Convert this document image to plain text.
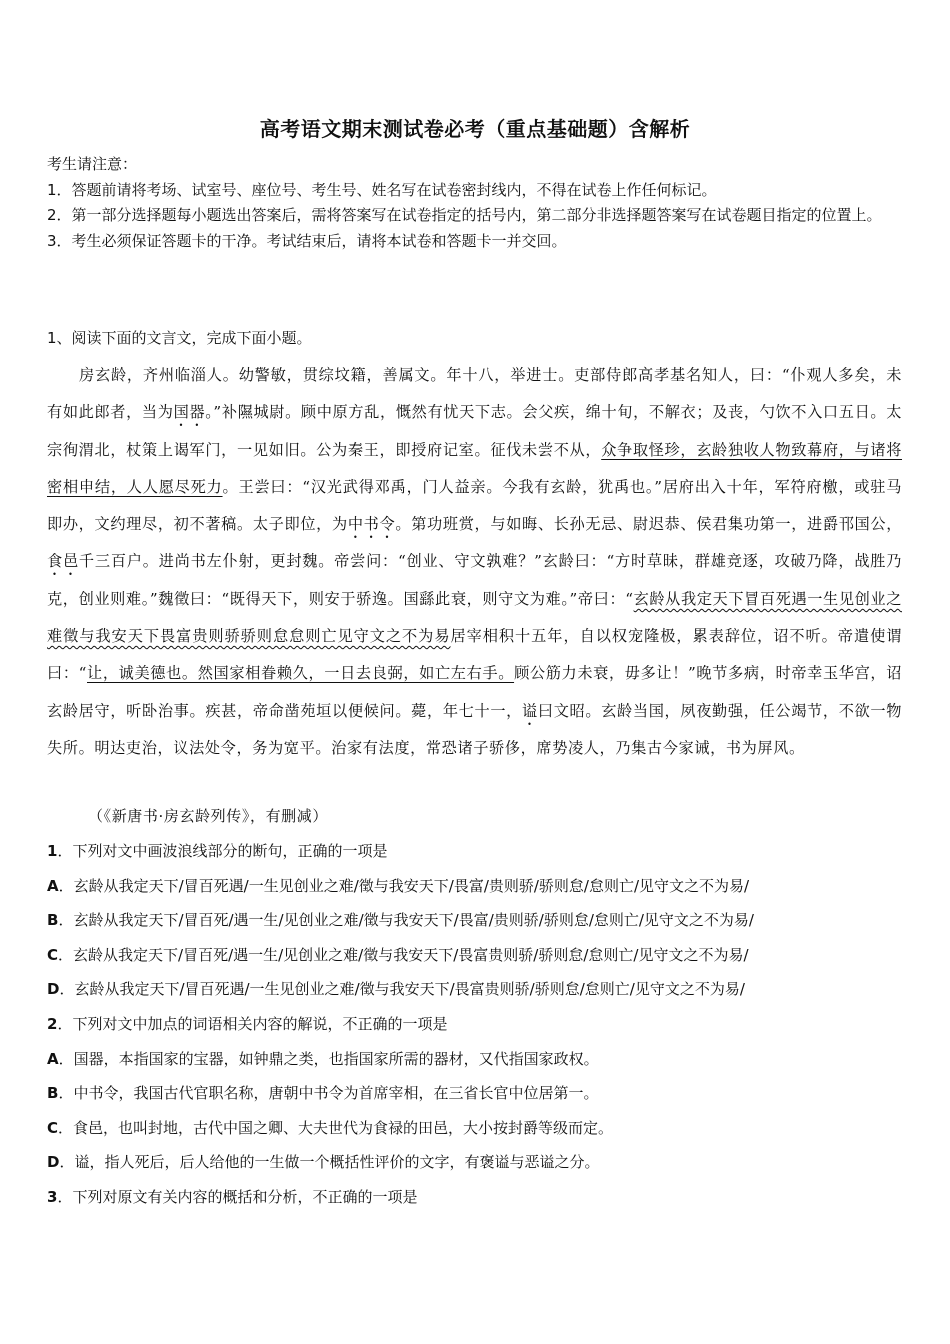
高考语文期末测试卷必考（重点基础题）含解析

考生请注意：

1．答题前请将考场、试室号、座位号、考生号、姓名写在试卷密封线内，不得在试卷上作任何标记。

2．第一部分选择题每小题选出答案后，需将答案写在试卷指定的括号内，第二部分非选择题答案写在试卷题目指定的位置上。

3．考生必须保证答题卡的干净。考试结束后，请将本试卷和答题卡一并交回。

1、阅读下面的文言文，完成下面小题。
房玄龄，齐州临淄人。幼警敏，贯综坟籍，善属文。年十八，举进士。吏部侍郎高孝基名知人，曰：“仆观人多矣，未有如此郎者，当为国器。”补隰城尉。顾中原方乱，慨然有忧天下志。会父疾，绵十旬，不解衣；及丧，勺饮不入口五日。太宗徇渭北，杖策上谒军门，一见如旧。公为秦王，即授府记室。征伐未尝不从，众争取怪珍，玄龄独收人物致幕府，与诸将密相申结，人人愿尽死力。王尝曰：“汉光武得邓禹，门人益亲。今我有玄龄，犹禹也。”居府出入十年，军符府檄，或驻马即办，文约理尽，初不著稿。太子即位，为中书令。第功班赏，与如晦、长孙无忌、尉迟恭、侯君集功第一，进爵邗国公，食邑千三百户。进尚书左仆射，更封魏。帝尝问：“创业、守文孰难？”玄龄曰：“方时草昧，群雄竞逐，攻破乃降，战胜乃克，创业则难。”魏徵曰：“既得天下，则安于骄逸。国繇此衰，则守文为难。”帝曰：“玄龄从我定天下冒百死遇一生见创业之难徵与我安天下畏富贵则骄骄则怠怠则亡见守文之不为易居宰相积十五年，自以权宠隆极，累表辞位，诏不听。帝遣使谓曰：“让，诚美德也。然国家相眷赖久，一日去良弼，如亡左右手。顾公筋力未衰，毋多让！”晚节多病，时帝幸玉华宫，诏玄龄居守，听卧治事。疾甚，帝命凿苑垣以便候问。薨，年七十一，谥曰文昭。玄龄当国，夙夜勤强，任公竭节，不欲一物失所。明达吏治，议法处令，务为宽平。治家有法度，常恐诸子骄侈，席势凌人，乃集古今家诫，书为屏风。
（《新唐书·房玄龄列传》，有删减）
1．下列对文中画波浪线部分的断句，正确的一项是
A．玄龄从我定天下/冒百死遇/一生见创业之难/徵与我安天下/畏富/贵则骄/骄则怠/怠则亡/见守文之不为易/
B．玄龄从我定天下/冒百死/遇一生/见创业之难/徵与我安天下/畏富/贵则骄/骄则怠/怠则亡/见守文之不为易/
C．玄龄从我定天下/冒百死/遇一生/见创业之难/徵与我安天下/畏富贵则骄/骄则怠/怠则亡/见守文之不为易/
D．玄龄从我定天下/冒百死遇/一生见创业之难/徵与我安天下/畏富贵则骄/骄则怠/怠则亡/见守文之不为易/
2．下列对文中加点的词语相关内容的解说，不正确的一项是
A．国器，本指国家的宝器，如钟鼎之类，也指国家所需的器材，又代指国家政权。
B．中书令，我国古代官职名称，唐朝中书令为首席宰相，在三省长官中位居第一。
C．食邑，也叫封地，古代中国之卿、大夫世代为食禄的田邑，大小按封爵等级而定。
D．谥，指人死后，后人给他的一生做一个概括性评价的文字，有褒谥与恶谥之分。
3．下列对原文有关内容的概括和分析，不正确的一项是
